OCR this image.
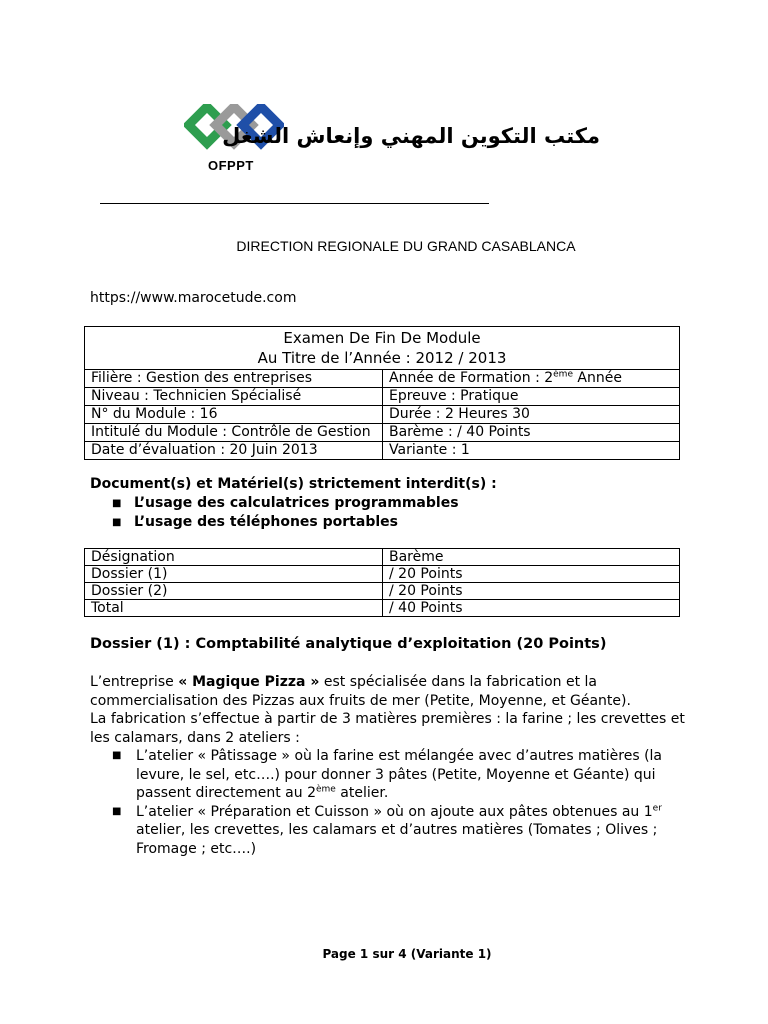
OFPPT
مكتب التكوين المهني وإنعاش الشغل
DIRECTION REGIONALE DU GRAND CASABLANCA
https://www.marocetude.com
Examen De Fin De Module
Au Titre de l’Année : 2012 / 2013	

Filière : Gestion des entreprises	Année de Formation : 2ème Année
Niveau : Technicien Spécialisé	Epreuve : Pratique
N° du Module : 16	Durée : 2 Heures 30
Intitulé du Module : Contrôle de Gestion	Barème : / 40 Points
Date d’évaluation : 20 Juin 2013	Variante : 1
Document(s) et Matériel(s) strictement interdit(s) :
■ L’usage des calculatrices programmables
■ L’usage des téléphones portables
Désignation	Barème
Dossier (1)	/ 20 Points
Dossier (2)	/ 20 Points
Total	/ 40 Points
Dossier (1) : Comptabilité analytique d’exploitation (20 Points)

L’entreprise « Magique Pizza » est spécialisée dans la fabrication et la commercialisation des Pizzas aux fruits de mer (Petite, Moyenne, et Géante).

La fabrication s’effectue à partir de 3 matières premières : la farine ; les crevettes et les calamars, dans 2 ateliers :

■	L’atelier « Pâtissage » où la farine est mélangée avec d’autres matières (la levure, le sel, etc….) pour donner 3 pâtes (Petite, Moyenne et Géante) qui passent directement au 2ème atelier.
■	L’atelier « Préparation et Cuisson » où on ajoute aux pâtes obtenues au 1er atelier, les crevettes, les calamars et d’autres matières (Tomates ; Olives ; Fromage ; etc….)
Page 1 sur 4 (Variante 1)
